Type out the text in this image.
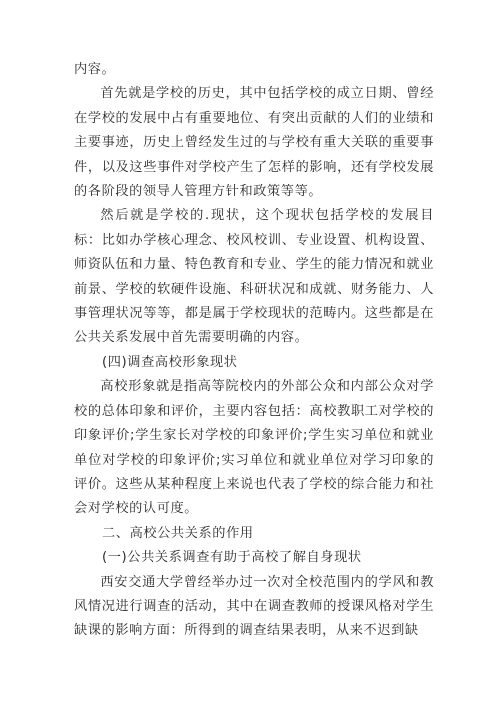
内容。

首先就是学校的历史，其中包括学校的成立日期、曾经在学校的发展中占有重要地位、有突出贡献的人们的业绩和主要事迹，历史上曾经发生过的与学校有重大关联的重要事件，以及这些事件对学校产生了怎样的影响，还有学校发展的各阶段的领导人管理方针和政策等等。

然后就是学校的.现状，这个现状包括学校的发展目标：比如办学核心理念、校风校训、专业设置、机构设置、师资队伍和力量、特色教育和专业、学生的能力情况和就业前景、学校的软硬件设施、科研状况和成就、财务能力、人事管理状况等等，都是属于学校现状的范畴内。这些都是在公共关系发展中首先需要明确的内容。

(四)调查高校形象现状

高校形象就是指高等院校内的外部公众和内部公众对学校的总体印象和评价，主要内容包括：高校教职工对学校的印象评价;学生家长对学校的印象评价;学生实习单位和就业单位对学校的印象评价;实习单位和就业单位对学习印象的评价。这些从某种程度上来说也代表了学校的综合能力和社会对学校的认可度。

二、高校公共关系的作用

(一)公共关系调查有助于高校了解自身现状

西安交通大学曾经举办过一次对全校范围内的学风和教风情况进行调查的活动，其中在调查教师的授课风格对学生缺课的影响方面：所得到的调查结果表明，从来不迟到缺
